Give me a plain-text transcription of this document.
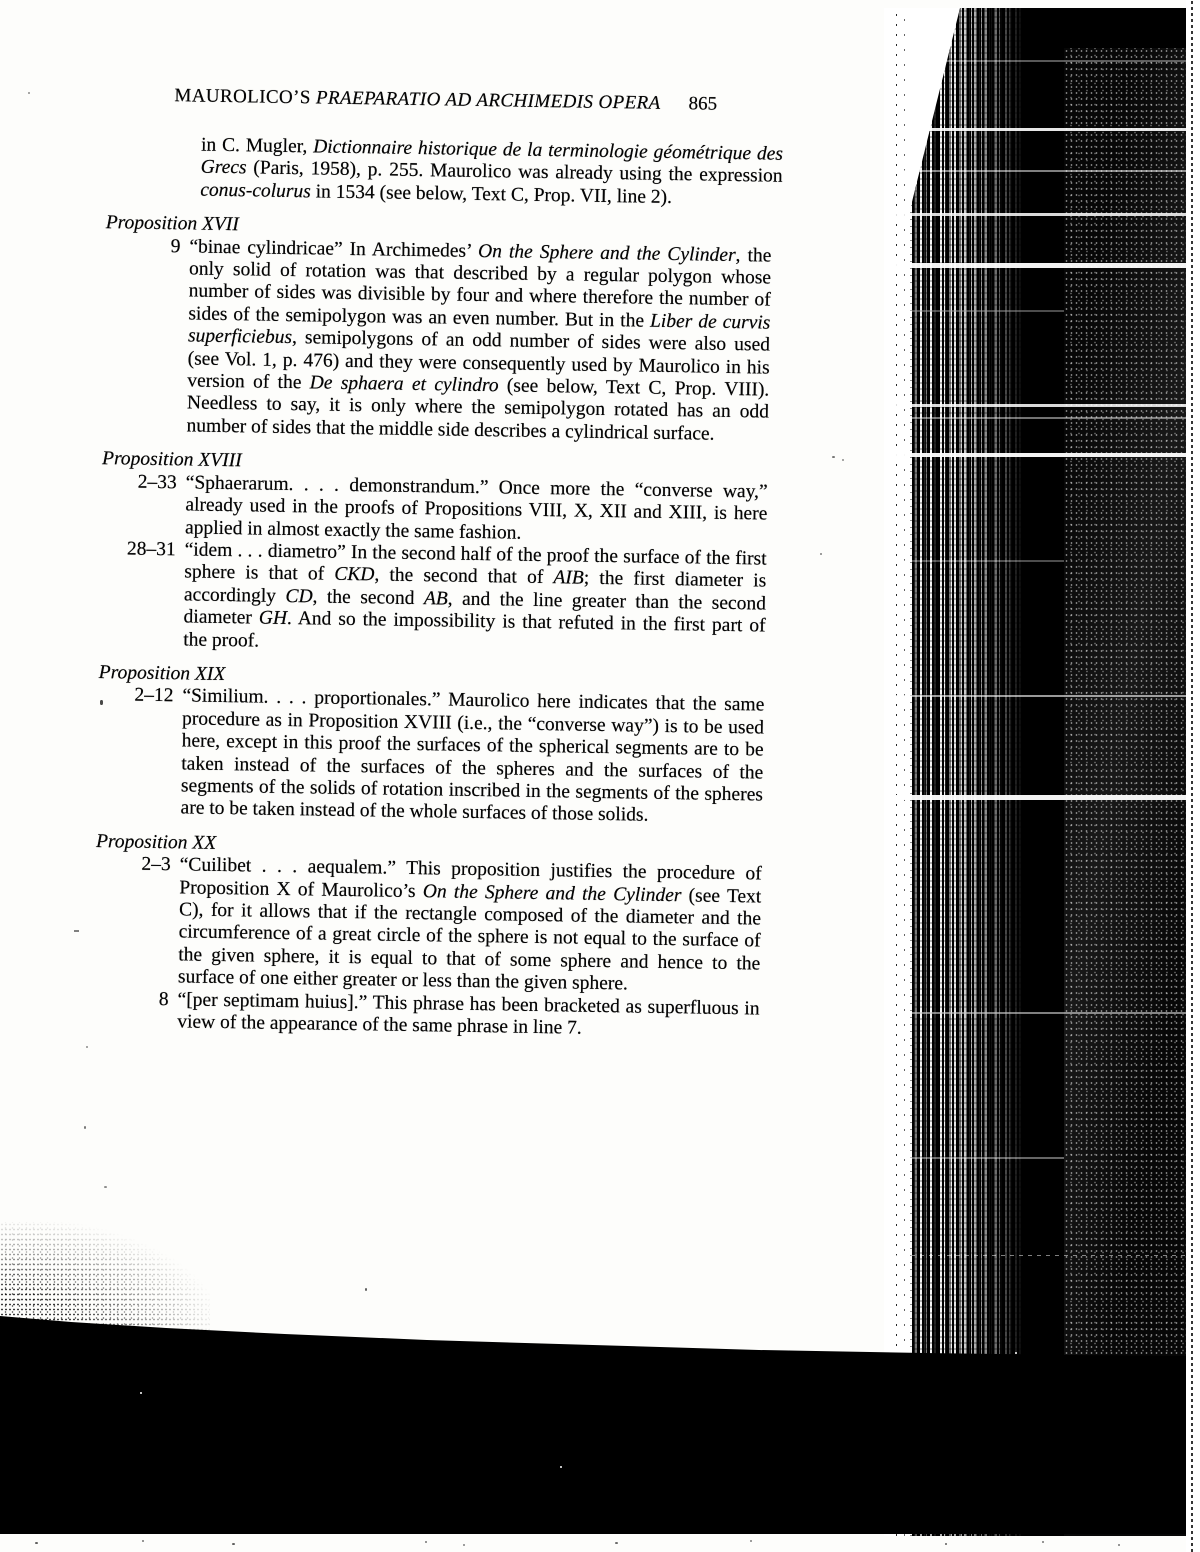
MAUROLICO’S PRAEPARATIO AD ARCHIMEDIS OPERA 865

in C. Mugler, Dictionnaire historique de la terminologie géométrique des Grecs (Paris, 1958), p. 255. Maurolico was already using the expression conus-colurus in 1534 (see below, Text C, Prop. VII, line 2).

Proposition XVII
9 “binae cylindricae” In Archimedes’ On the Sphere and the Cylinder, the only solid of rotation was that described by a regular polygon whose number of sides was divisible by four and where therefore the number of sides of the semipolygon was an even number. But in the Liber de curvis superficiebus, semipolygons of an odd number of sides were also used (see Vol. 1, p. 476) and they were consequently used by Maurolico in his version of the De sphaera et cylindro (see below, Text C, Prop. VIII). Needless to say, it is only where the semipolygon rotated has an odd number of sides that the middle side describes a cylindrical surface.
Proposition XVIII
2–33 “Sphaerarum. . . . demonstrandum.” Once more the “converse way,” already used in the proofs of Propositions VIII, X, XII and XIII, is here applied in almost exactly the same fashion.
28–31 “idem . . . diametro” In the second half of the proof the surface of the first sphere is that of CKD, the second that of AIB; the first diameter is accordingly CD, the second AB, and the line greater than the second diameter GH. And so the impossibility is that refuted in the first part of the proof.
Proposition XIX
2–12 “Similium. . . . proportionales.” Maurolico here indicates that the same procedure as in Proposition XVIII (i.e., the “converse way”) is to be used here, except in this proof the surfaces of the spherical segments are to be taken instead of the surfaces of the spheres and the surfaces of the segments of the solids of rotation inscribed in the segments of the spheres are to be taken instead of the whole surfaces of those solids.
Proposition XX
2–3 “Cuilibet . . . aequalem.” This proposition justifies the procedure of Proposition X of Maurolico’s On the Sphere and the Cylinder (see Text C), for it allows that if the rectangle composed of the diameter and the circumference of a great circle of the sphere is not equal to the surface of the given sphere, it is equal to that of some sphere and hence to the surface of one either greater or less than the given sphere.
8 “[per septimam huius].” This phrase has been bracketed as superfluous in view of the appearance of the same phrase in line 7.
